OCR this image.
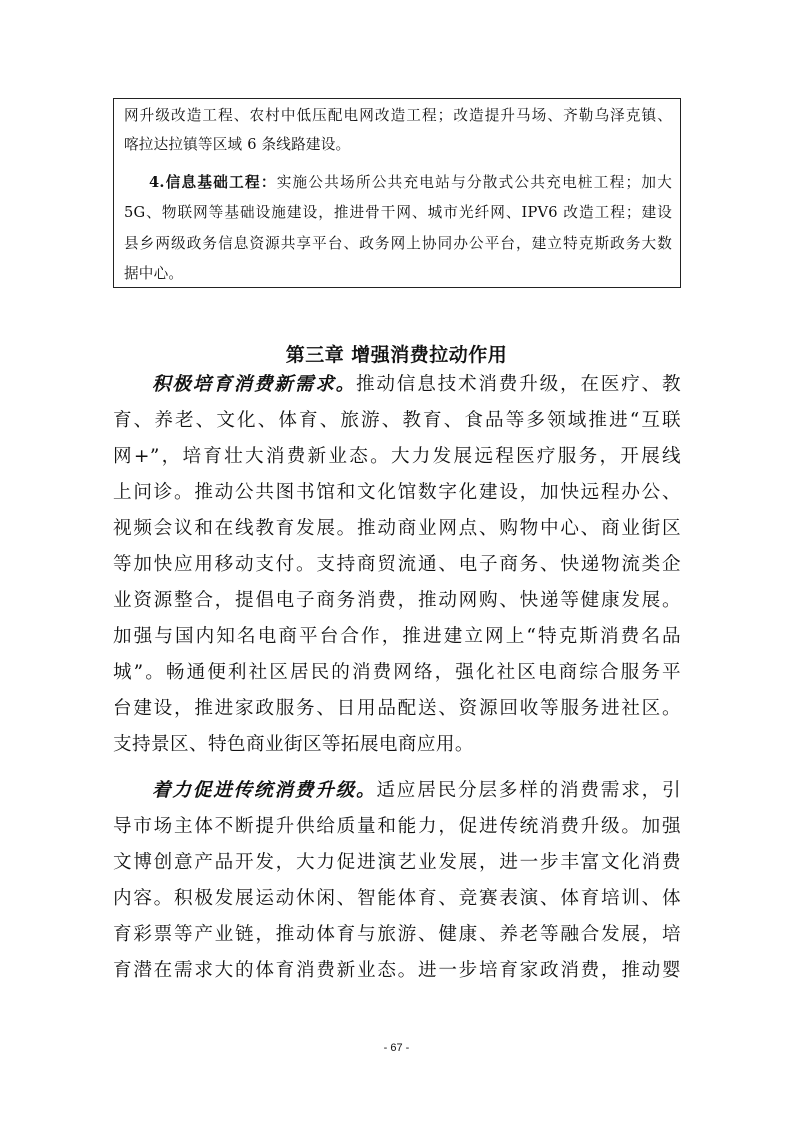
网升级改造工程、农村中低压配电网改造工程；改造提升马场、齐勒乌泽克镇、
喀拉达拉镇等区域 6 条线路建设。
4.信息基础工程：实施公共场所公共充电站与分散式公共充电桩工程；加大
5G、物联网等基础设施建设，推进骨干网、城市光纤网、IPV6 改造工程；建设
县乡两级政务信息资源共享平台、政务网上协同办公平台，建立特克斯政务大数
据中心。
第三章 增强消费拉动作用
积极培育消费新需求。推动信息技术消费升级，在医疗、教
育、养老、文化、体育、旅游、教育、食品等多领域推进“互联
网+”，培育壮大消费新业态。大力发展远程医疗服务，开展线
上问诊。推动公共图书馆和文化馆数字化建设，加快远程办公、
视频会议和在线教育发展。推动商业网点、购物中心、商业街区
等加快应用移动支付。支持商贸流通、电子商务、快递物流类企
业资源整合，提倡电子商务消费，推动网购、快递等健康发展。
加强与国内知名电商平台合作，推进建立网上“特克斯消费名品
城”。畅通便利社区居民的消费网络，强化社区电商综合服务平
台建设，推进家政服务、日用品配送、资源回收等服务进社区。
支持景区、特色商业街区等拓展电商应用。
着力促进传统消费升级。适应居民分层多样的消费需求，引
导市场主体不断提升供给质量和能力，促进传统消费升级。加强
文博创意产品开发，大力促进演艺业发展，进一步丰富文化消费
内容。积极发展运动休闲、智能体育、竞赛表演、体育培训、体
育彩票等产业链，推动体育与旅游、健康、养老等融合发展，培
育潜在需求大的体育消费新业态。进一步培育家政消费，推动婴
- 67 -
